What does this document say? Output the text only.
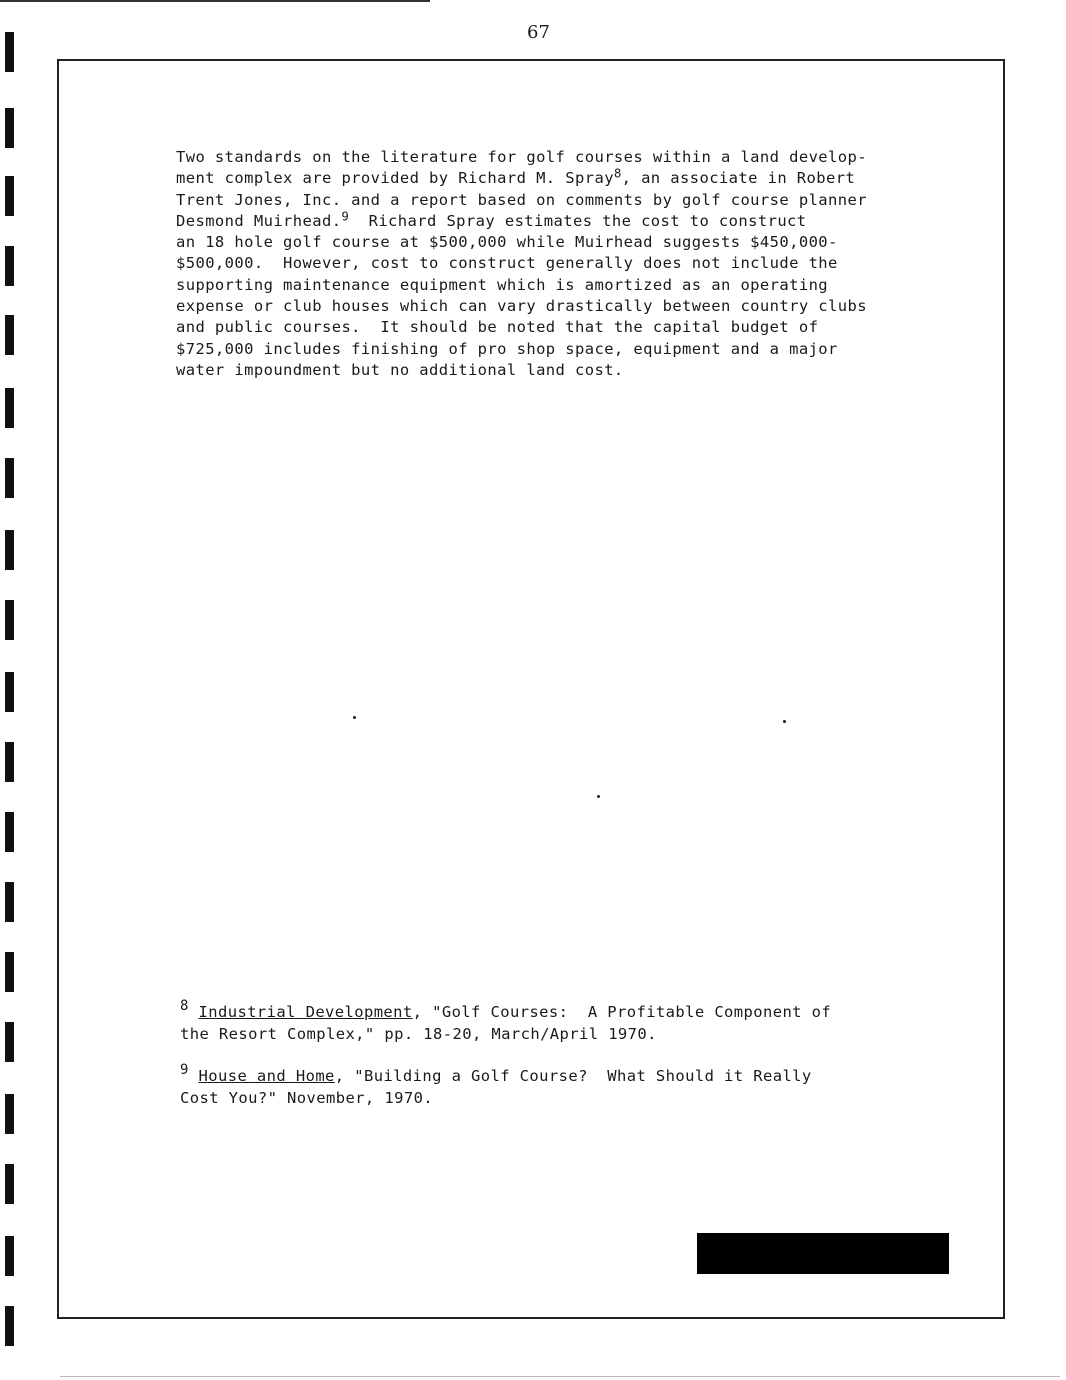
67
Two standards on the literature for golf courses within a land develop-
ment complex are provided by Richard M. Spray$^8$, an associate in Robert
Trent Jones, Inc. and a report based on comments by golf course planner
Desmond Muirhead.$^9$  Richard Spray estimates the cost to construct
an 18 hole golf course at $500,000 while Muirhead suggests $450,000-
$500,000.  However, cost to construct generally does not include the
supporting maintenance equipment which is amortized as an operating
expense or club houses which can vary drastically between country clubs
and public courses.  It should be noted that the capital budget of
$725,000 includes finishing of pro shop space, equipment and a major
water impoundment but no additional land cost.
8 Industrial Development, "Golf Courses:  A Profitable Component of
the Resort Complex," pp. 18-20, March/April 1970.
9 House and Home, "Building a Golf Course?  What Should it Really
Cost You?" November, 1970.
